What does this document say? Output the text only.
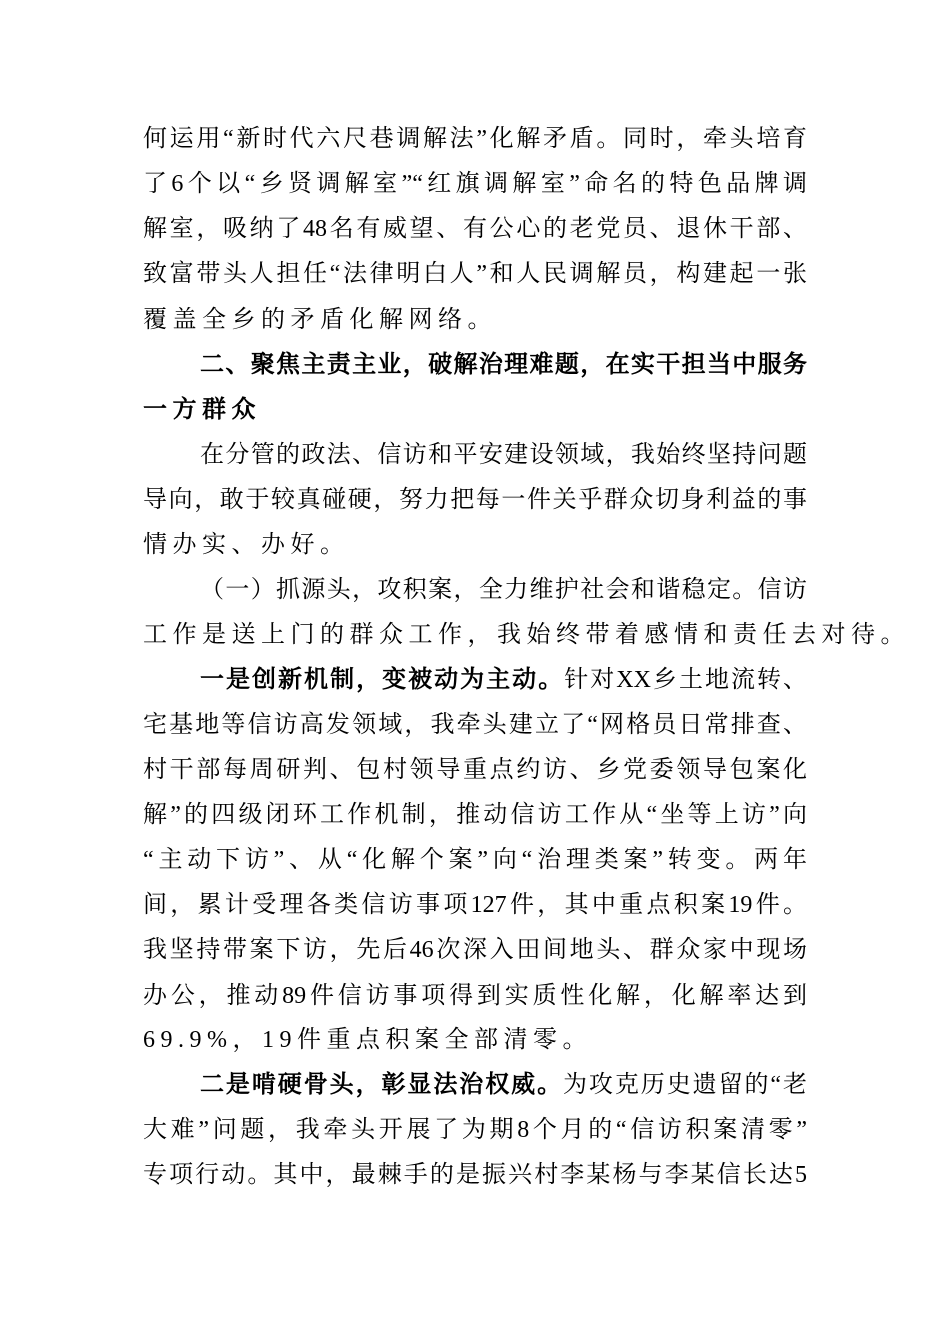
何运用“新时代六尺巷调解法”化解矛盾。同时，牵头培育
了6个以“乡贤调解室”“红旗调解室”命名的特色品牌调
解室，吸纳了48名有威望、有公心的老党员、退休干部、
致富带头人担任“法律明白人”和人民调解员，构建起一张
覆盖全乡的矛盾化解网络。
二、聚焦主责主业，破解治理难题，在实干担当中服务
一方群众
在分管的政法、信访和平安建设领域，我始终坚持问题
导向，敢于较真碰硬，努力把每一件关乎群众切身利益的事
情办实、办好。
（一）抓源头，攻积案，全力维护社会和谐稳定。信访
工作是送上门的群众工作，我始终带着感情和责任去对待。
一是创新机制，变被动为主动。针对XX乡土地流转、
宅基地等信访高发领域，我牵头建立了“网格员日常排查、
村干部每周研判、包村领导重点约访、乡党委领导包案化
解”的四级闭环工作机制，推动信访工作从“坐等上访”向
“主动下访”、从“化解个案”向“治理类案”转变。两年
间，累计受理各类信访事项127件，其中重点积案19件。
我坚持带案下访，先后46次深入田间地头、群众家中现场
办公，推动89件信访事项得到实质性化解，化解率达到
69.9%，19件重点积案全部清零。
二是啃硬骨头，彰显法治权威。为攻克历史遗留的“老
大难”问题，我牵头开展了为期8个月的“信访积案清零”
专项行动。其中，最棘手的是振兴村李某杨与李某信长达5
